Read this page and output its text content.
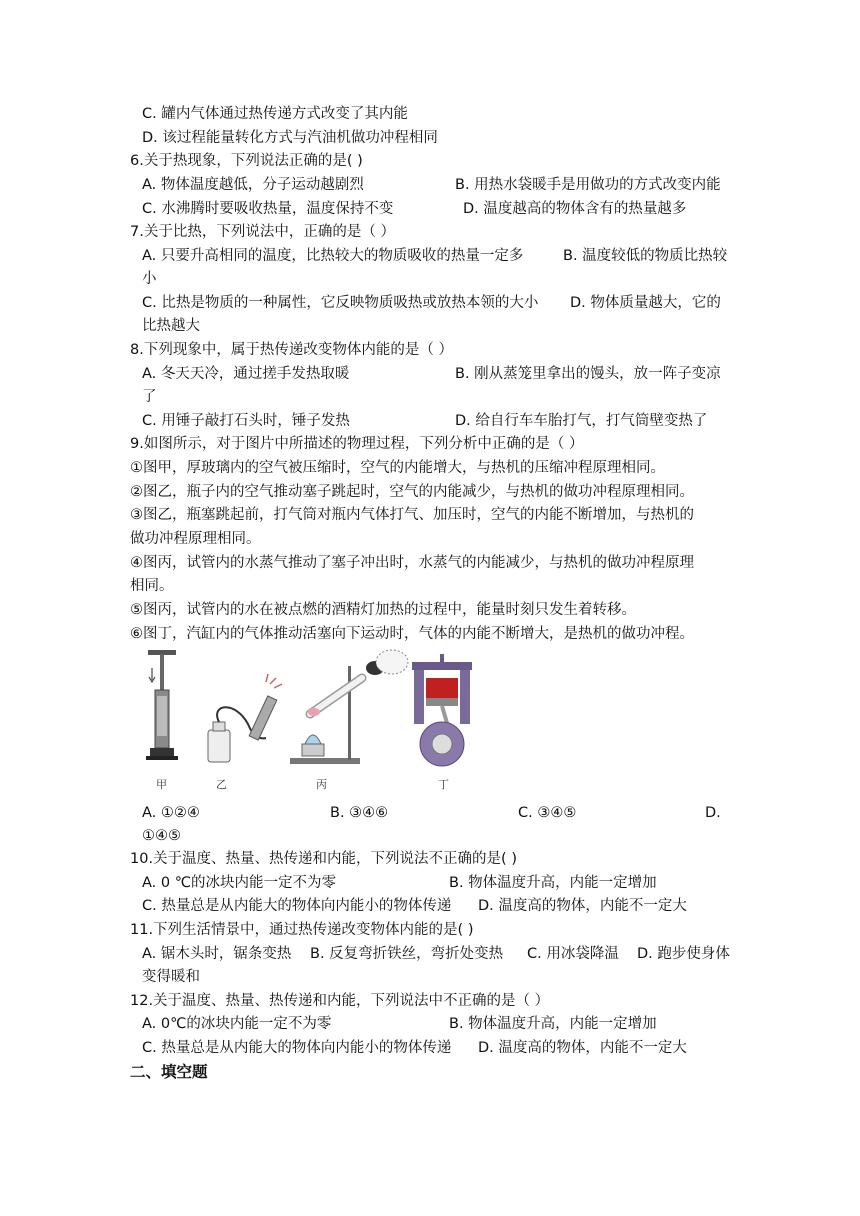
C. 罐内气体通过热传递方式改变了其内能
D. 该过程能量转化方式与汽油机做功冲程相同
6.关于热现象，下列说法正确的是( )
A. 物体温度越低，分子运动越剧烈	B. 用热水袋暖手是用做功的方式改变内能
C. 水沸腾时要吸收热量，温度保持不变	D. 温度越高的物体含有的热量越多
7.关于比热，下列说法中，正确的是（ ）
A. 只要升高相同的温度，比热较大的物质吸收的热量一定多	B. 温度较低的物质比热较
小
C. 比热是物质的一种属性，它反映物质吸热或放热本领的大小 D. 物体质量越大，它的
比热越大
8.下列现象中，属于热传递改变物体内能的是（ ）
A. 冬天天冷，通过搓手发热取暖	B. 刚从蒸笼里拿出的馒头，放一阵子变凉
了
C. 用锤子敲打石头时，锤子发热	D. 给自行车车胎打气，打气筒壁变热了
9.如图所示，对于图片中所描述的物理过程，下列分析中正确的是（ ）
①图甲，厚玻璃内的空气被压缩时，空气的内能增大，与热机的压缩冲程原理相同。
②图乙，瓶子内的空气推动塞子跳起时，空气的内能减少，与热机的做功冲程原理相同。
③图乙，瓶塞跳起前，打气筒对瓶内气体打气、加压时，空气的内能不断增加，与热机的
做功冲程原理相同。
④图丙，试管内的水蒸气推动了塞子冲出时，水蒸气的内能减少，与热机的做功冲程原理
相同。
⑤图丙，试管内的水在被点燃的酒精灯加热的过程中，能量时刻只发生着转移。
⑥图丁，汽缸内的气体推动活塞向下运动时，气体的内能不断增大，是热机的做功冲程。
甲	乙	丙	丁
A. ①②④	B. ③④⑥	C. ③④⑤	D.
①④⑤
10.关于温度、热量、热传递和内能，下列说法不正确的是( )
A. 0 ℃的冰块内能一定不为零	B. 物体温度升高，内能一定增加
C. 热量总是从内能大的物体向内能小的物体传递 D. 温度高的物体，内能不一定大
11.下列生活情景中，通过热传递改变物体内能的是( )
A. 锯木头时，锯条变热 B. 反复弯折铁丝，弯折处变热 C. 用冰袋降温 D. 跑步使身体
变得暖和
12.关于温度、热量、热传递和内能，下列说法中不正确的是（ ）
A. 0℃的冰块内能一定不为零	B. 物体温度升高，内能一定增加
C. 热量总是从内能大的物体向内能小的物体传递 D. 温度高的物体，内能不一定大
二、填空题
